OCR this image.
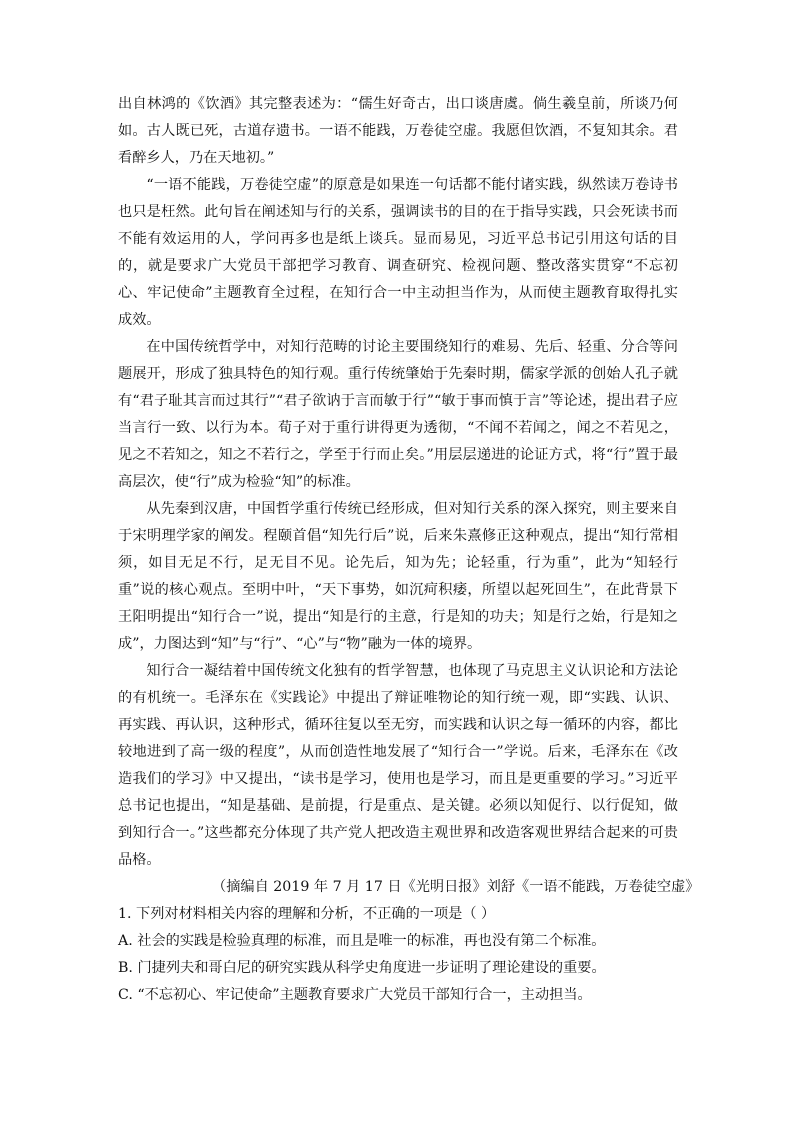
出自林鸿的《饮酒》其完整表述为：“儒生好奇古，出口谈唐虞。倘生羲皇前，所谈乃何如。古人既已死，古道存遗书。一语不能践，万卷徒空虚。我愿但饮酒，不复知其余。君看醉乡人，乃在天地初。”

“一语不能践，万卷徒空虚”的原意是如果连一句话都不能付诸实践，纵然读万卷诗书也只是枉然。此句旨在阐述知与行的关系，强调读书的目的在于指导实践，只会死读书而不能有效运用的人，学问再多也是纸上谈兵。显而易见，习近平总书记引用这句话的目的，就是要求广大党员干部把学习教育、调查研究、检视问题、整改落实贯穿“不忘初心、牢记使命”主题教育全过程，在知行合一中主动担当作为，从而使主题教育取得扎实成效。

在中国传统哲学中，对知行范畴的讨论主要围绕知行的难易、先后、轻重、分合等问题展开，形成了独具特色的知行观。重行传统肇始于先秦时期，儒家学派的创始人孔子就有“君子耻其言而过其行”“君子欲讷于言而敏于行”“敏于事而慎于言”等论述，提出君子应当言行一致、以行为本。荀子对于重行讲得更为透彻，“不闻不若闻之，闻之不若见之，见之不若知之，知之不若行之，学至于行而止矣。”用层层递进的论证方式，将“行”置于最高层次，使“行”成为检验“知”的标准。

从先秦到汉唐，中国哲学重行传统已经形成，但对知行关系的深入探究，则主要来自于宋明理学家的阐发。程颐首倡“知先行后”说，后来朱熹修正这种观点，提出“知行常相须，如目无足不行，足无目不见。论先后，知为先；论轻重，行为重”，此为“知轻行重”说的核心观点。至明中叶，“天下事势，如沉疴积痿，所望以起死回生”，在此背景下王阳明提出“知行合一”说，提出“知是行的主意，行是知的功夫；知是行之始，行是知之成”，力图达到“知”与“行”、“心”与“物”融为一体的境界。

知行合一凝结着中国传统文化独有的哲学智慧，也体现了马克思主义认识论和方法论的有机统一。毛泽东在《实践论》中提出了辩证唯物论的知行统一观，即“实践、认识、再实践、再认识，这种形式，循环往复以至无穷，而实践和认识之每一循环的内容，都比较地进到了高一级的程度”，从而创造性地发展了“知行合一”学说。后来，毛泽东在《改造我们的学习》中又提出，“读书是学习，使用也是学习，而且是更重要的学习。”习近平总书记也提出，“知是基础、是前提，行是重点、是关键。必须以知促行、以行促知，做到知行合一。”这些都充分体现了共产党人把改造主观世界和改造客观世界结合起来的可贵品格。

（摘编自 2019 年 7 月 17 日《光明日报》刘舒《一语不能践，万卷徒空虚》

1. 下列对材料相关内容的理解和分析，不正确的一项是（ ）

A. 社会的实践是检验真理的标准，而且是唯一的标准，再也没有第二个标准。

B. 门捷列夫和哥白尼的研究实践从科学史角度进一步证明了理论建设的重要。

C. “不忘初心、牢记使命”主题教育要求广大党员干部知行合一，主动担当。
